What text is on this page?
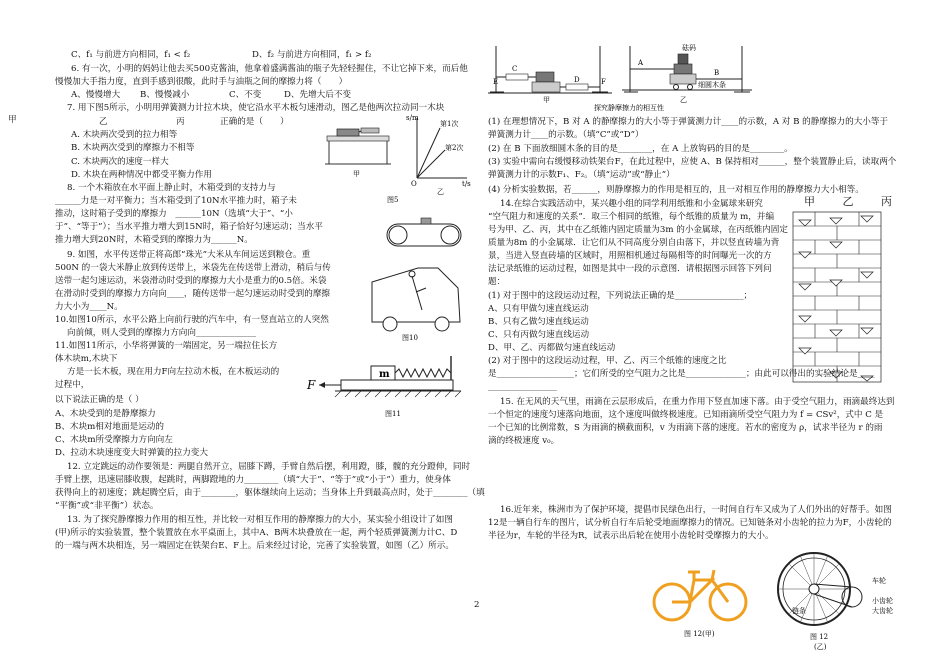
2
甲
C、f₁ 与前进方向相同，f₁ < f₂	D、f₂ 与前进方向相同，f₁ > f₂
6. 有一次，小明的妈妈让他去买500克酱油，他拿着盛满酱油的瓶子先轻轻握住，不让它掉下来，而后他
慢慢加大手指力度，直到手感到很酸，此时手与油瓶之间的摩擦力将（　　）
A、慢慢增大 B、慢慢减小	C、不变	D、先增大后不变
7. 用下图5所示，小明用弹簧测力计拉木块，使它沿水平木板匀速滑动，图乙是他两次拉动同一木块
乙	丙	正确的是（　　）
A. 木块两次受到的拉力相等
B. 木块两次受到的摩擦力不相等
C. 木块两次的速度一样大
D. 木块在两种情况中都受平衡力作用
s/m
t/s
O
第1次
第2次
甲
乙
图5
8. 一个木箱放在水平面上静止时，木箱受到的支持力与
______力是一对平衡力；当木箱受到了10N水平推力时，箱子未
推动，这时箱子受到的摩擦力　______10N（选填“大于”、“小
于”、“等于”）；当水平推力增大到15N时，箱子恰好匀速运动；当水平
推力增大到20N时，木箱受到的摩擦力为______N。
9. 如图，水平传送带正将高郎“珠光”大米从车间运送到粮仓。重
500N 的一袋大米静止放到传送带上，米袋先在传送带上滑动，稍后与传
送带一起匀速运动，米袋滑动时受到的摩擦力大小是重力的0.5倍。米袋
在滑动时受到的摩擦力方向向____，随传送带一起匀速运动时受到的摩擦
力大小为____N。
图10
10.如图10所示，水平公路上向前行驶的汽车中，有一竖直站立的人突然
向前倾，则人受到的摩擦力方向向______________
11.如图11所示，小华将弹簧的一端固定，另一端拉住长方
体木块m,木块下
方是一长木板，现在用力F向左拉动木板，在木板运动的
过程中，
以下说法正确的是（ ）
A、木块受到的是静摩擦力
B、木块m相对地面是运动的
C、木块m所受摩擦力方向向左
D、拉动木块速度变大时弹簧的拉力变大
m
F
图11
12. 立定跳远的动作要领是：两腿自然开立，屈膝下蹲，手臂自然后摆，利用蹬，膝，髋的充分蹬伸，同时
手臂上摆，迅速屈膝收腹，起跳时，两脚蹬地的力________（填“大于”、“等于”或“小于”）重力，使身体
获得向上的初速度；跳起腾空后，由于________，躯体继续向上运动；当身体上升到最高点时，处于________（填
“平衡”或“非平衡”）状态。
13. 为了探究静摩擦力作用的相互性，并比较一对相互作用的静摩擦力的大小，某实验小组设计了如图
(甲)所示的实验装置，整个装置放在水平桌面上，其中A、B两木块叠放在一起，两个轻质弹簧测力计C、D
的一端与两木块相连，另一端固定在铁架台E、F上。后来经过讨论，完善了实验装置，如图（乙）所示。
E	F
C
D
甲
砝码
细圆木条
A
B
乙
探究静摩擦力的相互性
(1) 在理想情况下，B 对 A 的静摩擦力的大小等于弹簧测力计____的示数，A 对 B 的静摩擦力的大小等于
弹簧测力计____的示数。（填“C”或“D”）
(2) 在 B 下面放细圆木条的目的是________，在 A 上放钩码的目的是________。
(3) 实验中需向右缓慢移动铁架台F，在此过程中，应使 A、B 保持相对______，整个装置静止后，读取两个
弹簧测力计的示数F₁、F₂。（填“运动”或“静止”）
(4) 分析实验数据，若______，则静摩擦力的作用是相互的，且一对相互作用的静摩擦力大小相等。
14.在综合实践活动中，某兴趣小组的同学利用纸锥和小金属球来研究
“空气阻力和速度的关系”．取三个相同的纸锥，每个纸锥的质量为 m，并编
号为甲、乙、丙，其中在乙纸锥内固定质量为3m 的小金属球，在丙纸锥内固定
质量为8m 的小金属球．让它们从不同高度分别自由落下，并以竖直砖墙为背
景，当进入竖直砖墙的区域时，用照相机通过每隔相等的时间曝光一次的方
法记录纸锥的运动过程，如图是其中一段的示意图．请根据图示回答下列问
题：
甲 乙 丙
(1) 对于图中的这段运动过程，下列说法正确的是________________；
A、只有甲做匀速直线运动
B、只有乙做匀速直线运动
C、只有丙做匀速直线运动
D、甲、乙、丙都做匀速直线运动
(2) 对于图中的这段运动过程，甲、乙、丙三个纸锥的速度之比
是__________________；它们所受的空气阻力之比是______________；由此可以得出的实验结论是____
________________
15. 在无风的天气里，雨滴在云层形成后，在重力作用下竖直加速下落。由于受空气阻力，雨滴最终达到
一个恒定的速度匀速落向地面，这个速度叫做终极速度。已知雨滴所受空气阻力为 f = CSv²，式中 C 是
一个已知的比例常数，S 为雨滴的横截面积，v 为雨滴下落的速度。若水的密度为 ρ，试求半径为 r 的雨
滴的终极速度 v₀。
16.近年来，株洲市为了保护环境，提倡市民绿色出行，一时间自行车又成为了人们外出的好帮手。如图
12是一辆自行车的图片，试分析自行车后轮受地面摩擦力的情况。已知链条对小齿轮的拉力为F，小齿轮的
半径为r，车轮的半径为R，试表示出后轮在使用小齿轮时受摩擦力的大小。
图 12(甲)
车轮
小齿轮
大齿轮
链条
图 12
(乙)
